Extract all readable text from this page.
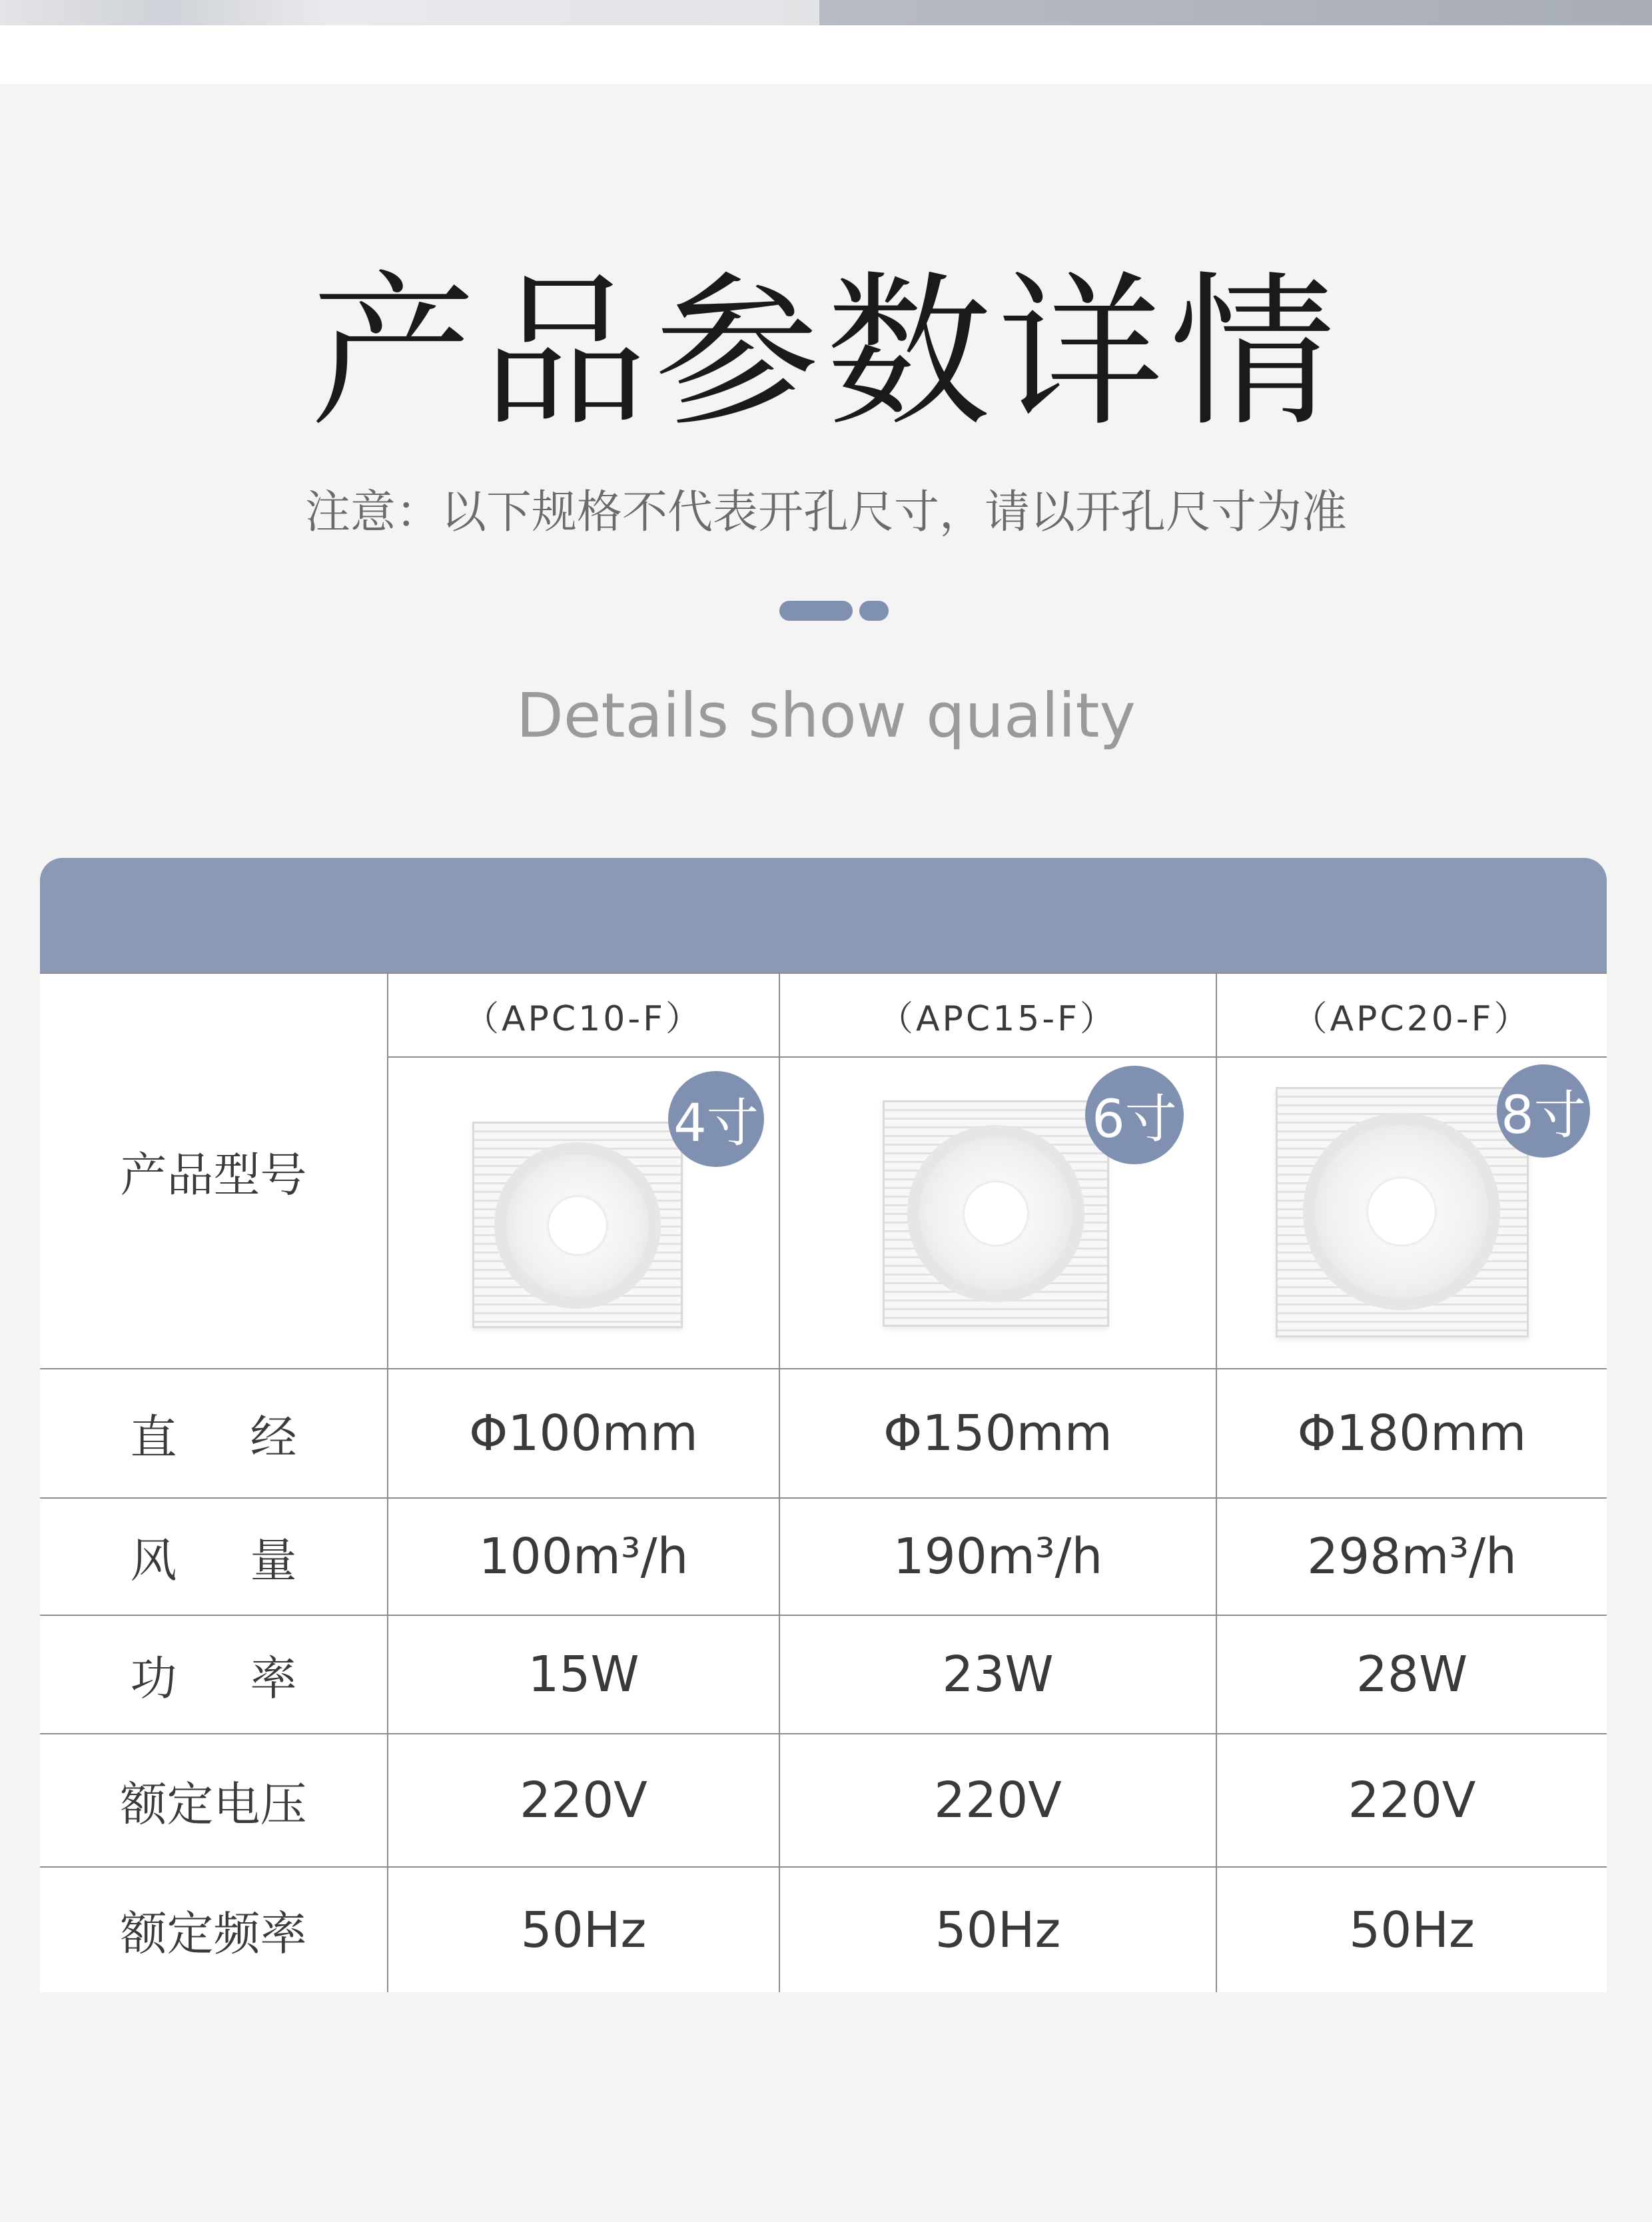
产品参数详情
注意：以下规格不代表开孔尺寸，请以开孔尺寸为准
Details show quality
产品型号	（APC10-F）	（APC15-F）	（APC20-F）

4寸	6寸	8寸

直经	Φ100mm	Φ150mm	Φ180mm
风量	100m³/h	190m³/h	298m³/h
功率	15W	23W	28W
额定电压	220V	220V	220V
额定频率	50Hz	50Hz	50Hz
